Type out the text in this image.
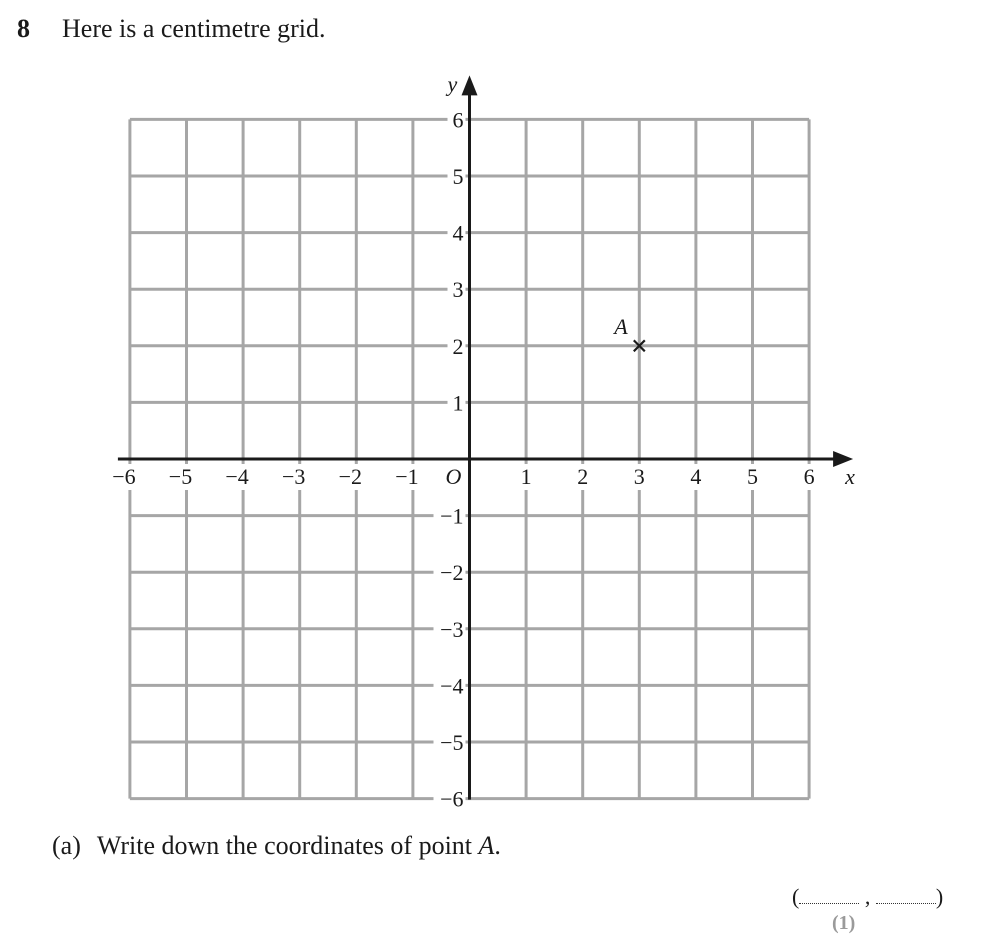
8 Here is a centimetre grid.
6
5
4
3
2
1
−1
−2
−3
−4
−5
−6
−6 −5 −4 −3 −2 −1	1 2 3 4 5 6 x
y
O
A
(a) Write down the coordinates of point A.
(	,	)
(1)
